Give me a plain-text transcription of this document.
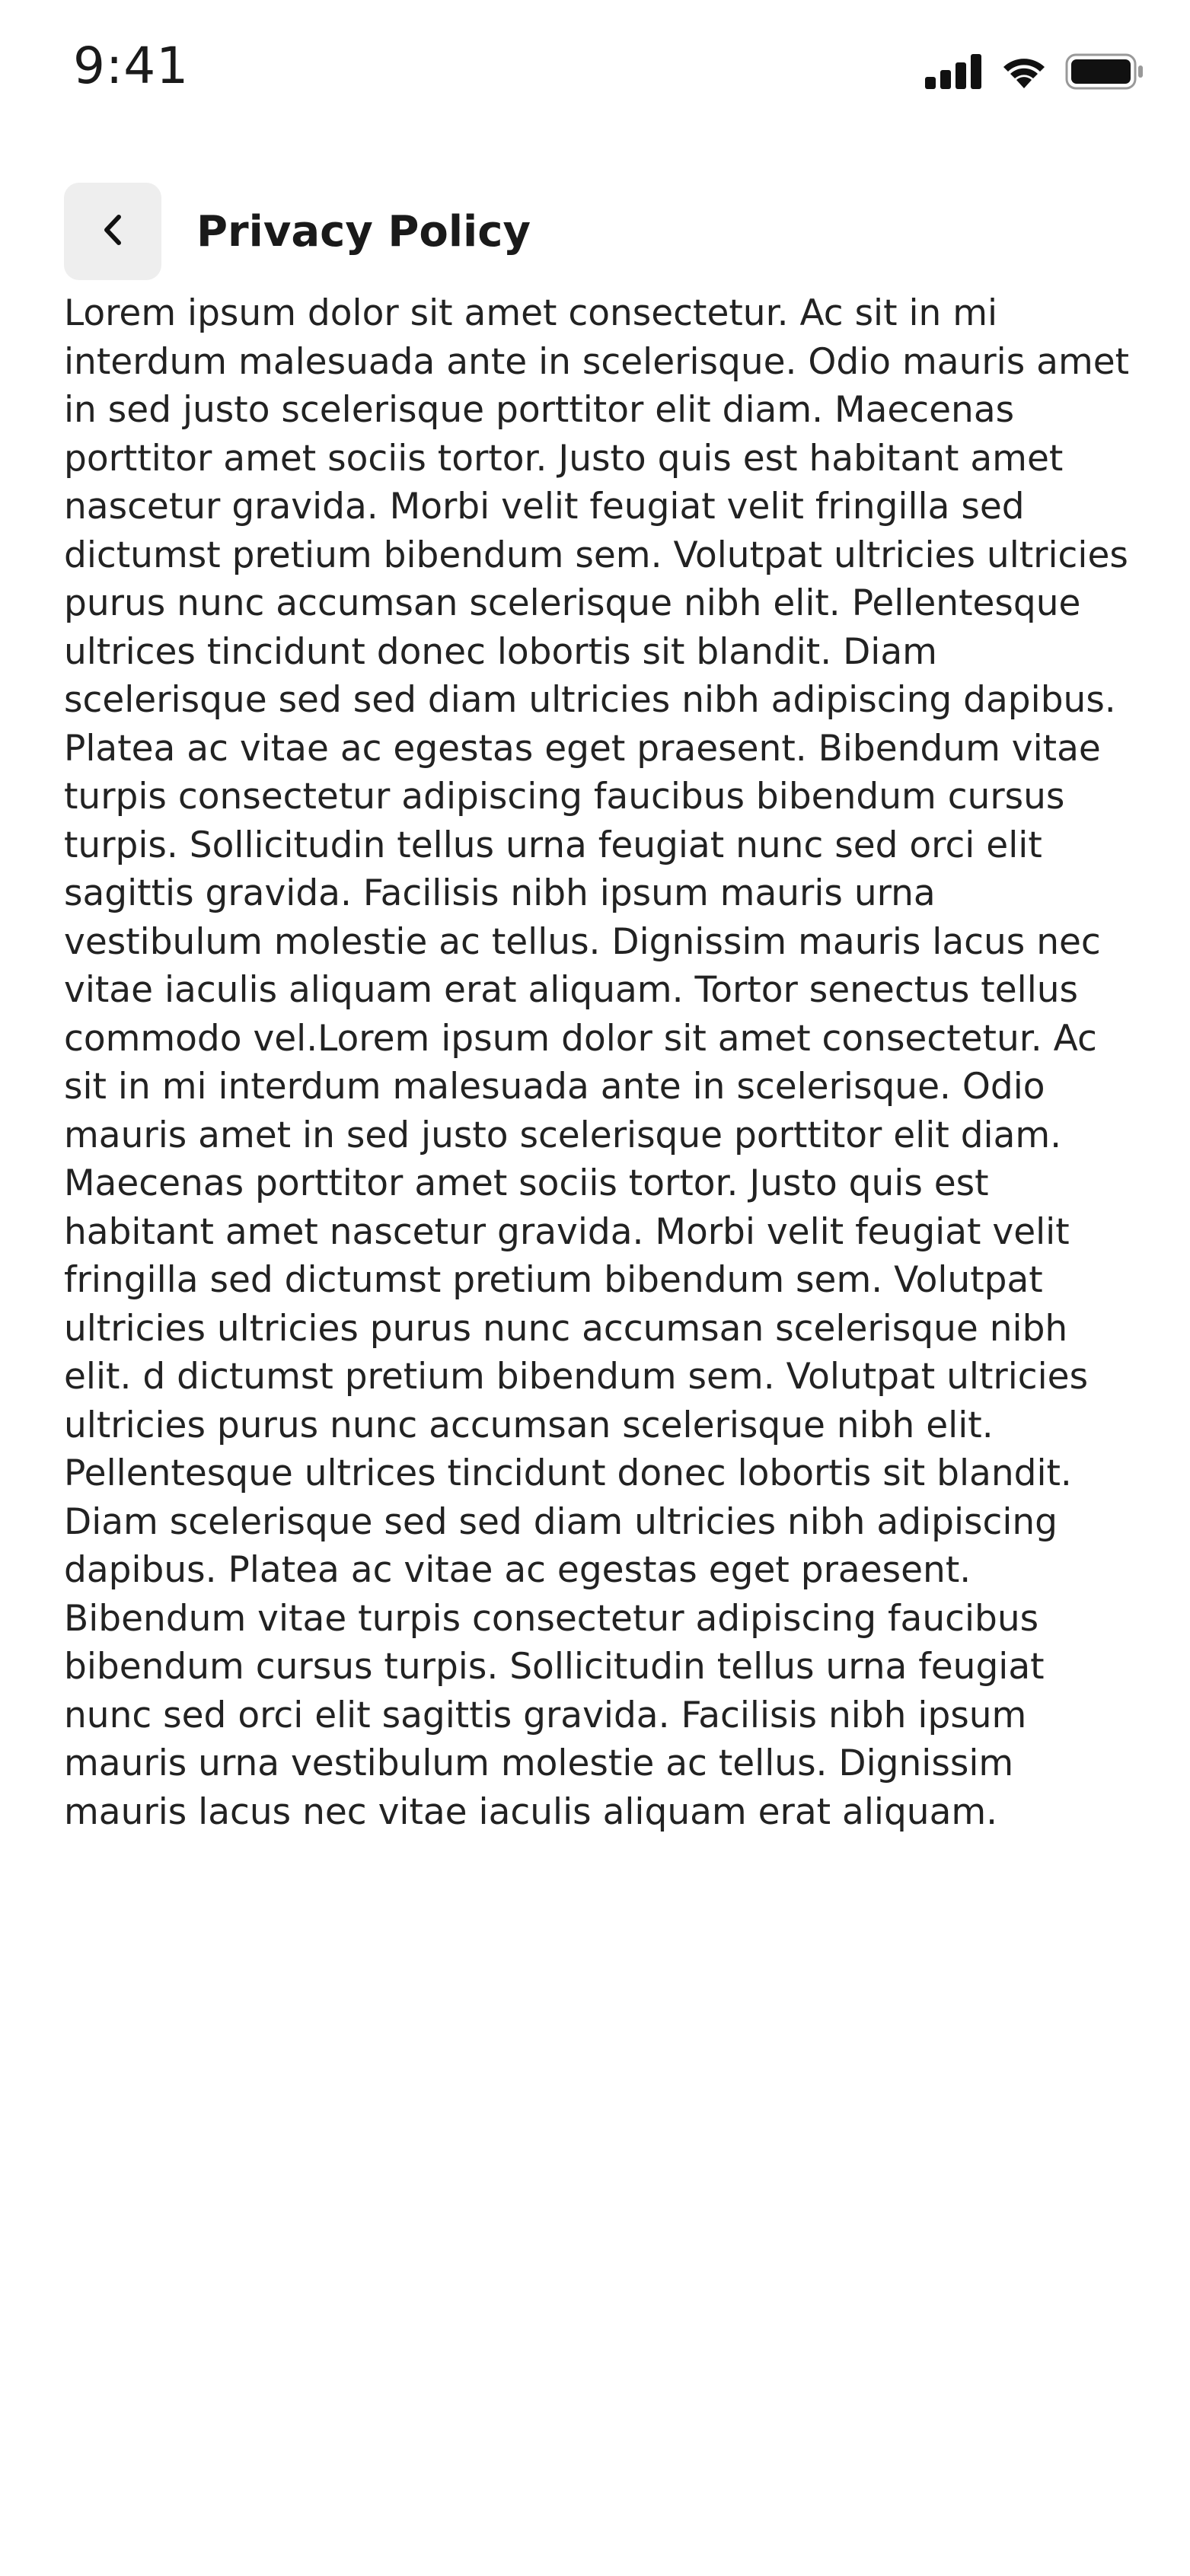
9:41
Privacy Policy
Lorem ipsum dolor sit amet consectetur. Ac sit in mi interdum malesuada ante in scelerisque. Odio mauris amet in sed justo scelerisque porttitor elit diam. Maecenas porttitor amet sociis tortor. Justo quis est habitant amet nascetur gravida. Morbi velit feugiat velit fringilla sed dictumst pretium bibendum sem. Volutpat ultricies ultricies purus nunc accumsan scelerisque nibh elit. Pellentesque ultrices tincidunt donec lobortis sit blandit. Diam scelerisque sed sed diam ultricies nibh adipiscing dapibus. Platea ac vitae ac egestas eget praesent. Bibendum vitae turpis consectetur adipiscing faucibus bibendum cursus turpis. Sollicitudin tellus urna feugiat nunc sed orci elit sagittis gravida. Facilisis nibh ipsum mauris urna vestibulum molestie ac tellus. Dignissim mauris lacus nec vitae iaculis aliquam erat aliquam. Tortor senectus tellus commodo vel.Lorem ipsum dolor sit amet consectetur. Ac sit in mi interdum malesuada ante in scelerisque. Odio mauris amet in sed justo scelerisque porttitor elit diam. Maecenas porttitor amet sociis tortor. Justo quis est habitant amet nascetur gravida. Morbi velit feugiat velit fringilla sed dictumst pretium bibendum sem. Volutpat ultricies ultricies purus nunc accumsan scelerisque nibh elit. d dictumst pretium bibendum sem. Volutpat ultricies ultricies purus nunc accumsan scelerisque nibh elit. Pellentesque ultrices tincidunt donec lobortis sit blandit. Diam scelerisque sed sed diam ultricies nibh adipiscing dapibus. Platea ac vitae ac egestas eget praesent. Bibendum vitae turpis consectetur adipiscing faucibus bibendum cursus turpis. Sollicitudin tellus urna feugiat nunc sed orci elit sagittis gravida. Facilisis nibh ipsum mauris urna vestibulum molestie ac tellus. Dignissim mauris lacus nec vitae iaculis aliquam erat aliquam.
